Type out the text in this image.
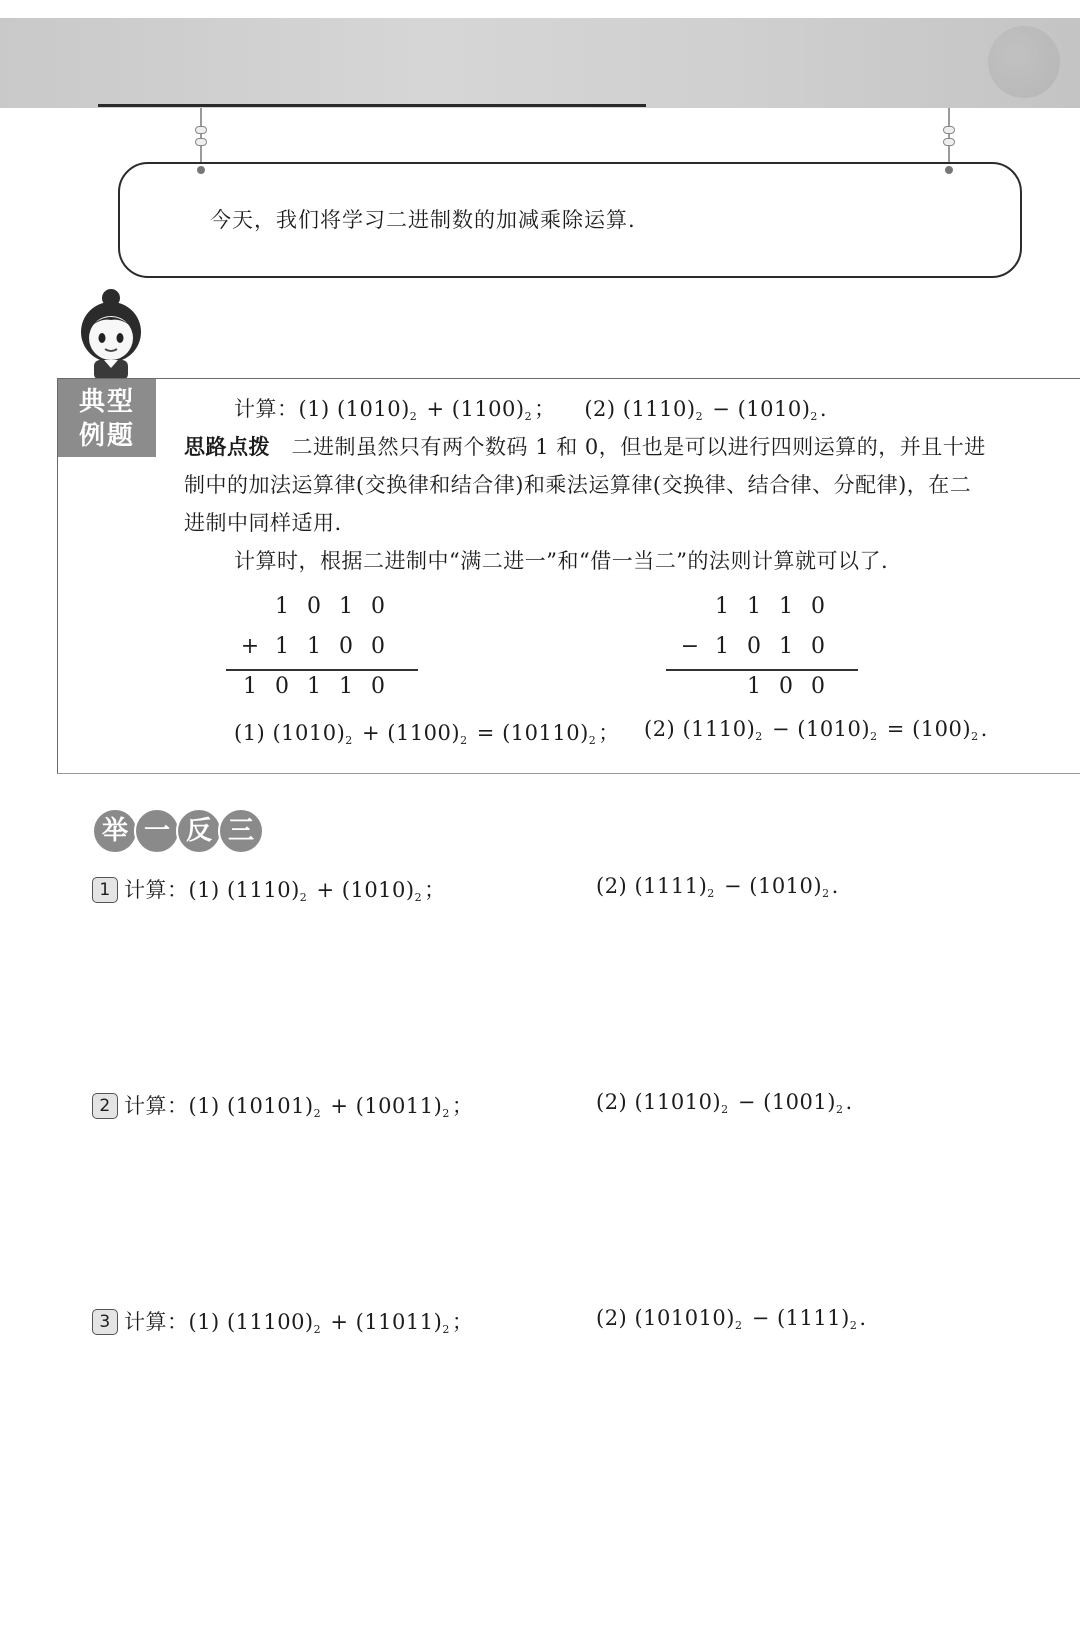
今天，我们将学习二进制数的加减乘除运算.
典型
例题
计算：(1) $(1010)_2 + (1100)_2$； (2) $(1110)_2 - (1010)_2$.
思路点拨 二进制虽然只有两个数码 1 和 0，但也是可以进行四则运算的，并且十进
制中的加法运算律(交换律和结合律)和乘法运算律(交换律、结合律、分配律)，在二
进制中同样适用.
计算时，根据二进制中“满二进一”和“借一当二”的法则计算就可以了.
1 0 1 0
+ 1 1 0 0
1 0 1 1 0
1 1 1 0
− 1 0 1 0
1 0 0
(1) $(1010)_2 + (1100)_2 = (10110)_2$； (2) $(1110)_2 - (1010)_2 = (100)_2$.
举 一 反 三
1 计算：(1) $(1110)_2 + (1010)_2$；	(2) $(1111)_2 - (1010)_2$.
2 计算：(1) $(10101)_2 + (10011)_2$；	(2) $(11010)_2 - (1001)_2$.
3 计算：(1) $(11100)_2 + (11011)_2$；	(2) $(101010)_2 - (1111)_2$.
